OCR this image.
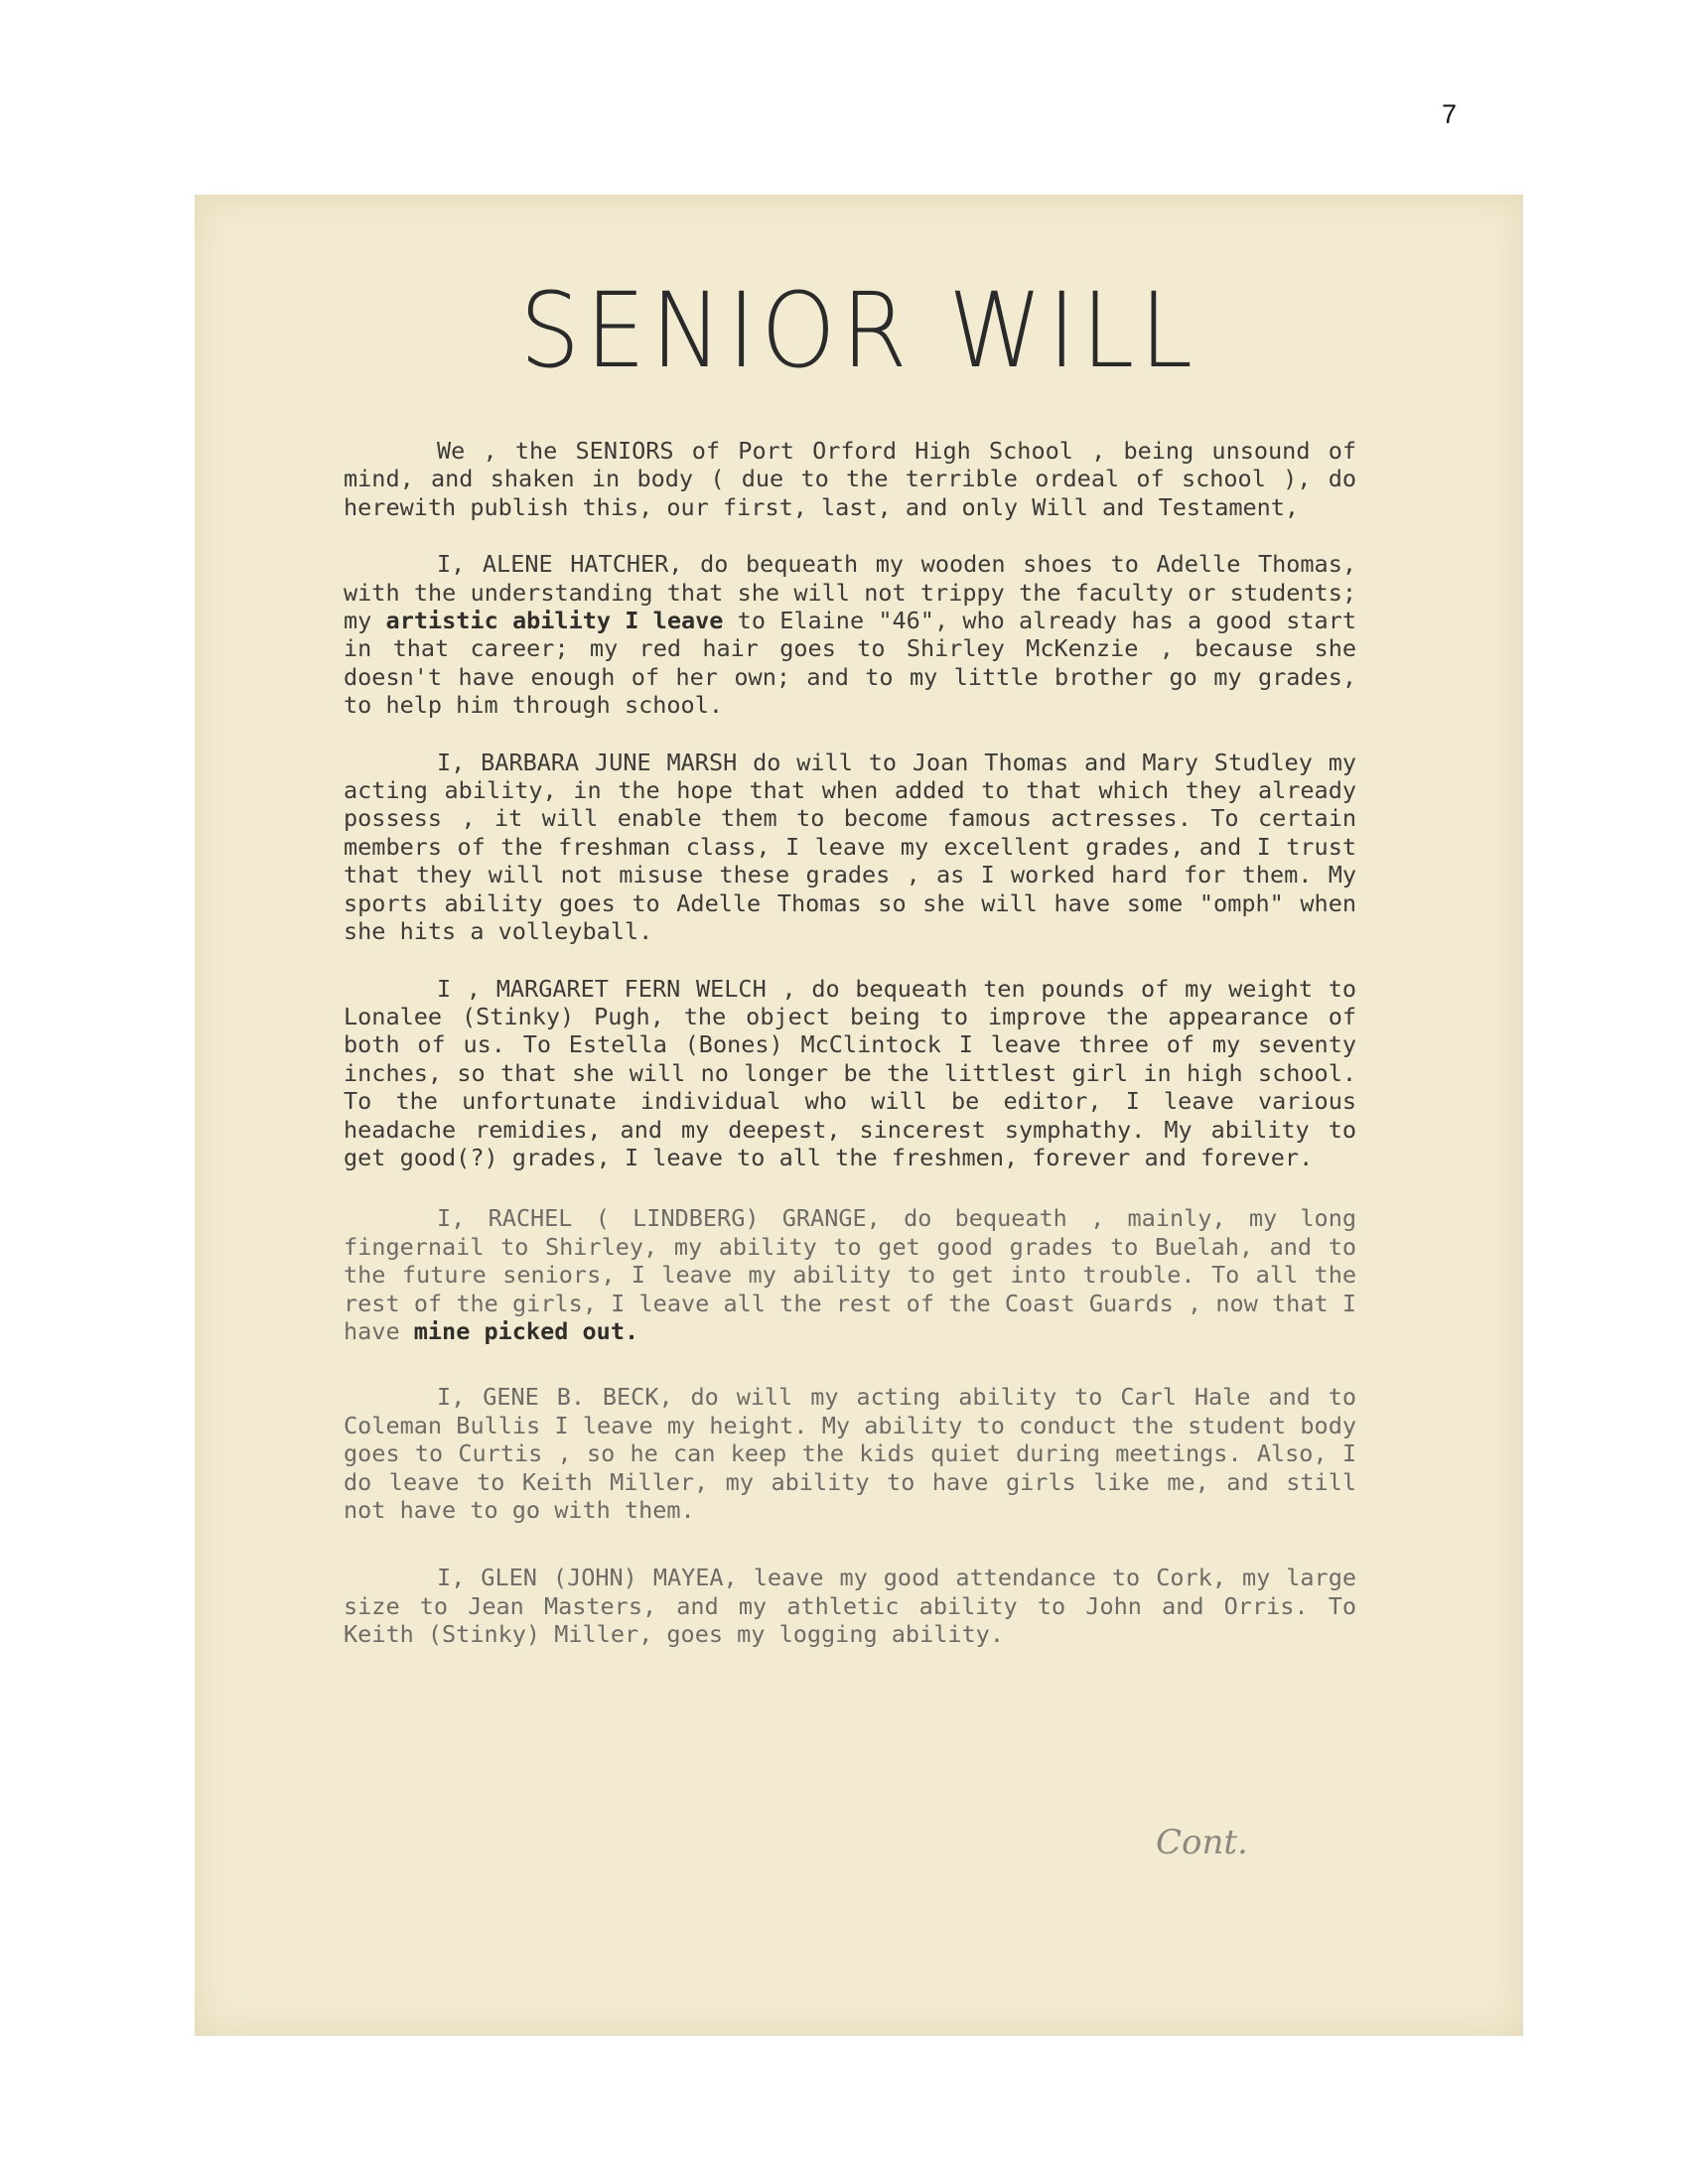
7
SENIOR WILL

We , the SENIORS of Port Orford High School , being unsound of mind, and shaken in body ( due to the terrible ordeal of school ), do herewith publish this, our first, last, and only Will and Testament,

I, ALENE HATCHER, do bequeath my wooden shoes to Adelle Thomas, with the understanding that she will not trippy the faculty or students; my artistic ability I leave to Elaine "46", who already has a good start in that career; my red hair goes to Shirley McKenzie , because she doesn't have enough of her own; and to my little brother go my grades, to help him through school.

I, BARBARA JUNE MARSH do will to Joan Thomas and Mary Studley my acting ability, in the hope that when added to that which they already possess , it will enable them to become famous actresses. To certain members of the freshman class, I leave my excellent grades, and I trust that they will not misuse these grades , as I worked hard for them. My sports ability goes to Adelle Thomas so she will have some "omph" when she hits a volleyball.

I , MARGARET FERN WELCH , do bequeath ten pounds of my weight to Lonalee (Stinky) Pugh, the object being to improve the appearance of both of us. To Estella (Bones) McClintock I leave three of my seventy inches, so that she will no longer be the littlest girl in high school. To the unfortunate individual who will be editor, I leave various headache remidies, and my deepest, sincerest symphathy. My ability to get good(?) grades, I leave to all the freshmen, forever and forever.

I, RACHEL ( LINDBERG) GRANGE, do bequeath , mainly, my long fingernail to Shirley, my ability to get good grades to Buelah, and to the future seniors, I leave my ability to get into trouble. To all the rest of the girls, I leave all the rest of the Coast Guards , now that I have mine picked out.

I, GENE B. BECK, do will my acting ability to Carl Hale and to Coleman Bullis I leave my height. My ability to conduct the student body goes to Curtis , so he can keep the kids quiet during meetings. Also, I do leave to Keith Miller, my ability to have girls like me, and still not have to go with them.

I, GLEN (JOHN) MAYEA, leave my good attendance to Cork, my large size to Jean Masters, and my athletic ability to John and Orris. To Keith (Stinky) Miller, goes my logging ability.

Cont.
